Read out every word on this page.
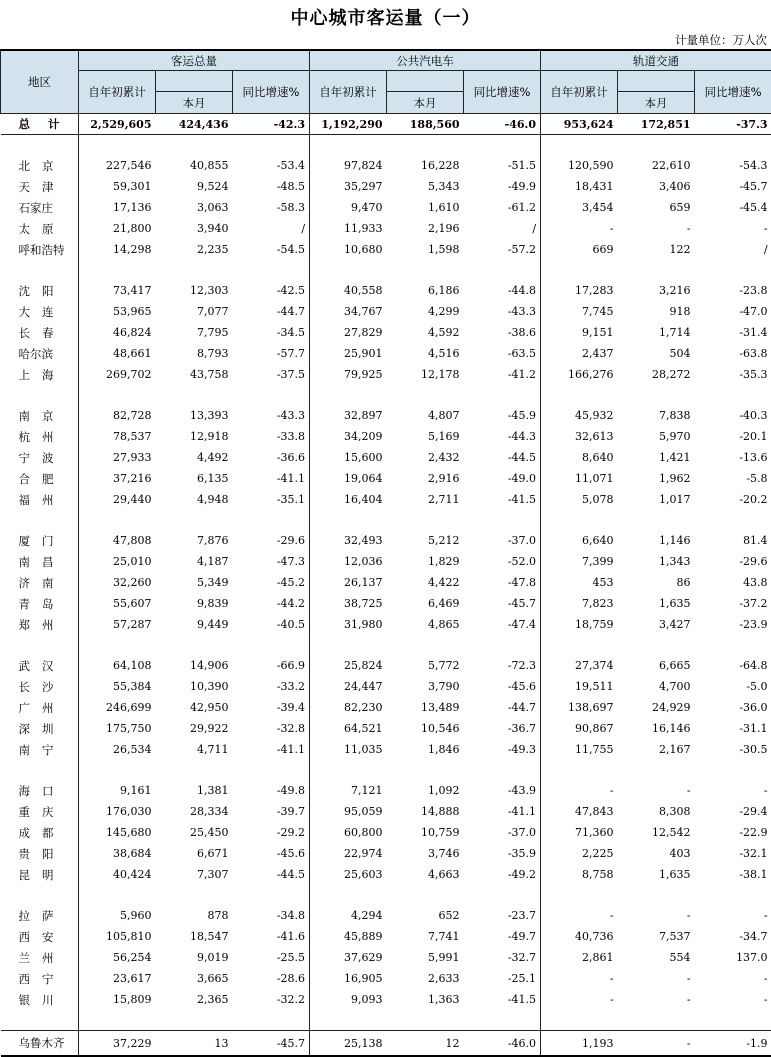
中心城市客运量（一）
计量单位：万人次
地区	客运总量			公共汽电车			轨道交通		
	自年初累计		同比增速%	自年初累计		同比增速%	自年初累计		同比增速%
		本月			本月			本月	
总计	2,529,605	424,436	-42.3	1,192,290	188,560	-46.0	953,624	172,851	-37.3

北京	227,546	40,855	-53.4	97,824	16,228	-51.5	120,590	22,610	-54.3
天津	59,301	9,524	-48.5	35,297	5,343	-49.9	18,431	3,406	-45.7
石家庄	17,136	3,063	-58.3	9,470	1,610	-61.2	3,454	659	-45.4
太原	21,800	3,940	/	11,933	2,196	/	-	-	-
呼和浩特	14,298	2,235	-54.5	10,680	1,598	-57.2	669	122	/

沈阳	73,417	12,303	-42.5	40,558	6,186	-44.8	17,283	3,216	-23.8
大连	53,965	7,077	-44.7	34,767	4,299	-43.3	7,745	918	-47.0
长春	46,824	7,795	-34.5	27,829	4,592	-38.6	9,151	1,714	-31.4
哈尔滨	48,661	8,793	-57.7	25,901	4,516	-63.5	2,437	504	-63.8
上海	269,702	43,758	-37.5	79,925	12,178	-41.2	166,276	28,272	-35.3

南京	82,728	13,393	-43.3	32,897	4,807	-45.9	45,932	7,838	-40.3
杭州	78,537	12,918	-33.8	34,209	5,169	-44.3	32,613	5,970	-20.1
宁波	27,933	4,492	-36.6	15,600	2,432	-44.5	8,640	1,421	-13.6
合肥	37,216	6,135	-41.1	19,064	2,916	-49.0	11,071	1,962	-5.8
福州	29,440	4,948	-35.1	16,404	2,711	-41.5	5,078	1,017	-20.2

厦门	47,808	7,876	-29.6	32,493	5,212	-37.0	6,640	1,146	81.4
南昌	25,010	4,187	-47.3	12,036	1,829	-52.0	7,399	1,343	-29.6
济南	32,260	5,349	-45.2	26,137	4,422	-47.8	453	86	43.8
青岛	55,607	9,839	-44.2	38,725	6,469	-45.7	7,823	1,635	-37.2
郑州	57,287	9,449	-40.5	31,980	4,865	-47.4	18,759	3,427	-23.9

武汉	64,108	14,906	-66.9	25,824	5,772	-72.3	27,374	6,665	-64.8
长沙	55,384	10,390	-33.2	24,447	3,790	-45.6	19,511	4,700	-5.0
广州	246,699	42,950	-39.4	82,230	13,489	-44.7	138,697	24,929	-36.0
深圳	175,750	29,922	-32.8	64,521	10,546	-36.7	90,867	16,146	-31.1
南宁	26,534	4,711	-41.1	11,035	1,846	-49.3	11,755	2,167	-30.5

海口	9,161	1,381	-49.8	7,121	1,092	-43.9	-	-	-
重庆	176,030	28,334	-39.7	95,059	14,888	-41.1	47,843	8,308	-29.4
成都	145,680	25,450	-29.2	60,800	10,759	-37.0	71,360	12,542	-22.9
贵阳	38,684	6,671	-45.6	22,974	3,746	-35.9	2,225	403	-32.1
昆明	40,424	7,307	-44.5	25,603	4,663	-49.2	8,758	1,635	-38.1

拉萨	5,960	878	-34.8	4,294	652	-23.7	-	-	-
西安	105,810	18,547	-41.6	45,889	7,741	-49.7	40,736	7,537	-34.7
兰州	56,254	9,019	-25.5	37,629	5,991	-32.7	2,861	554	137.0
西宁	23,617	3,665	-28.6	16,905	2,633	-25.1	-	-	-
银川	15,809	2,365	-32.2	9,093	1,363	-41.5	-	-	-

乌鲁木齐	37,229	13	-45.7	25,138	12	-46.0	1,193	-	-1.9
